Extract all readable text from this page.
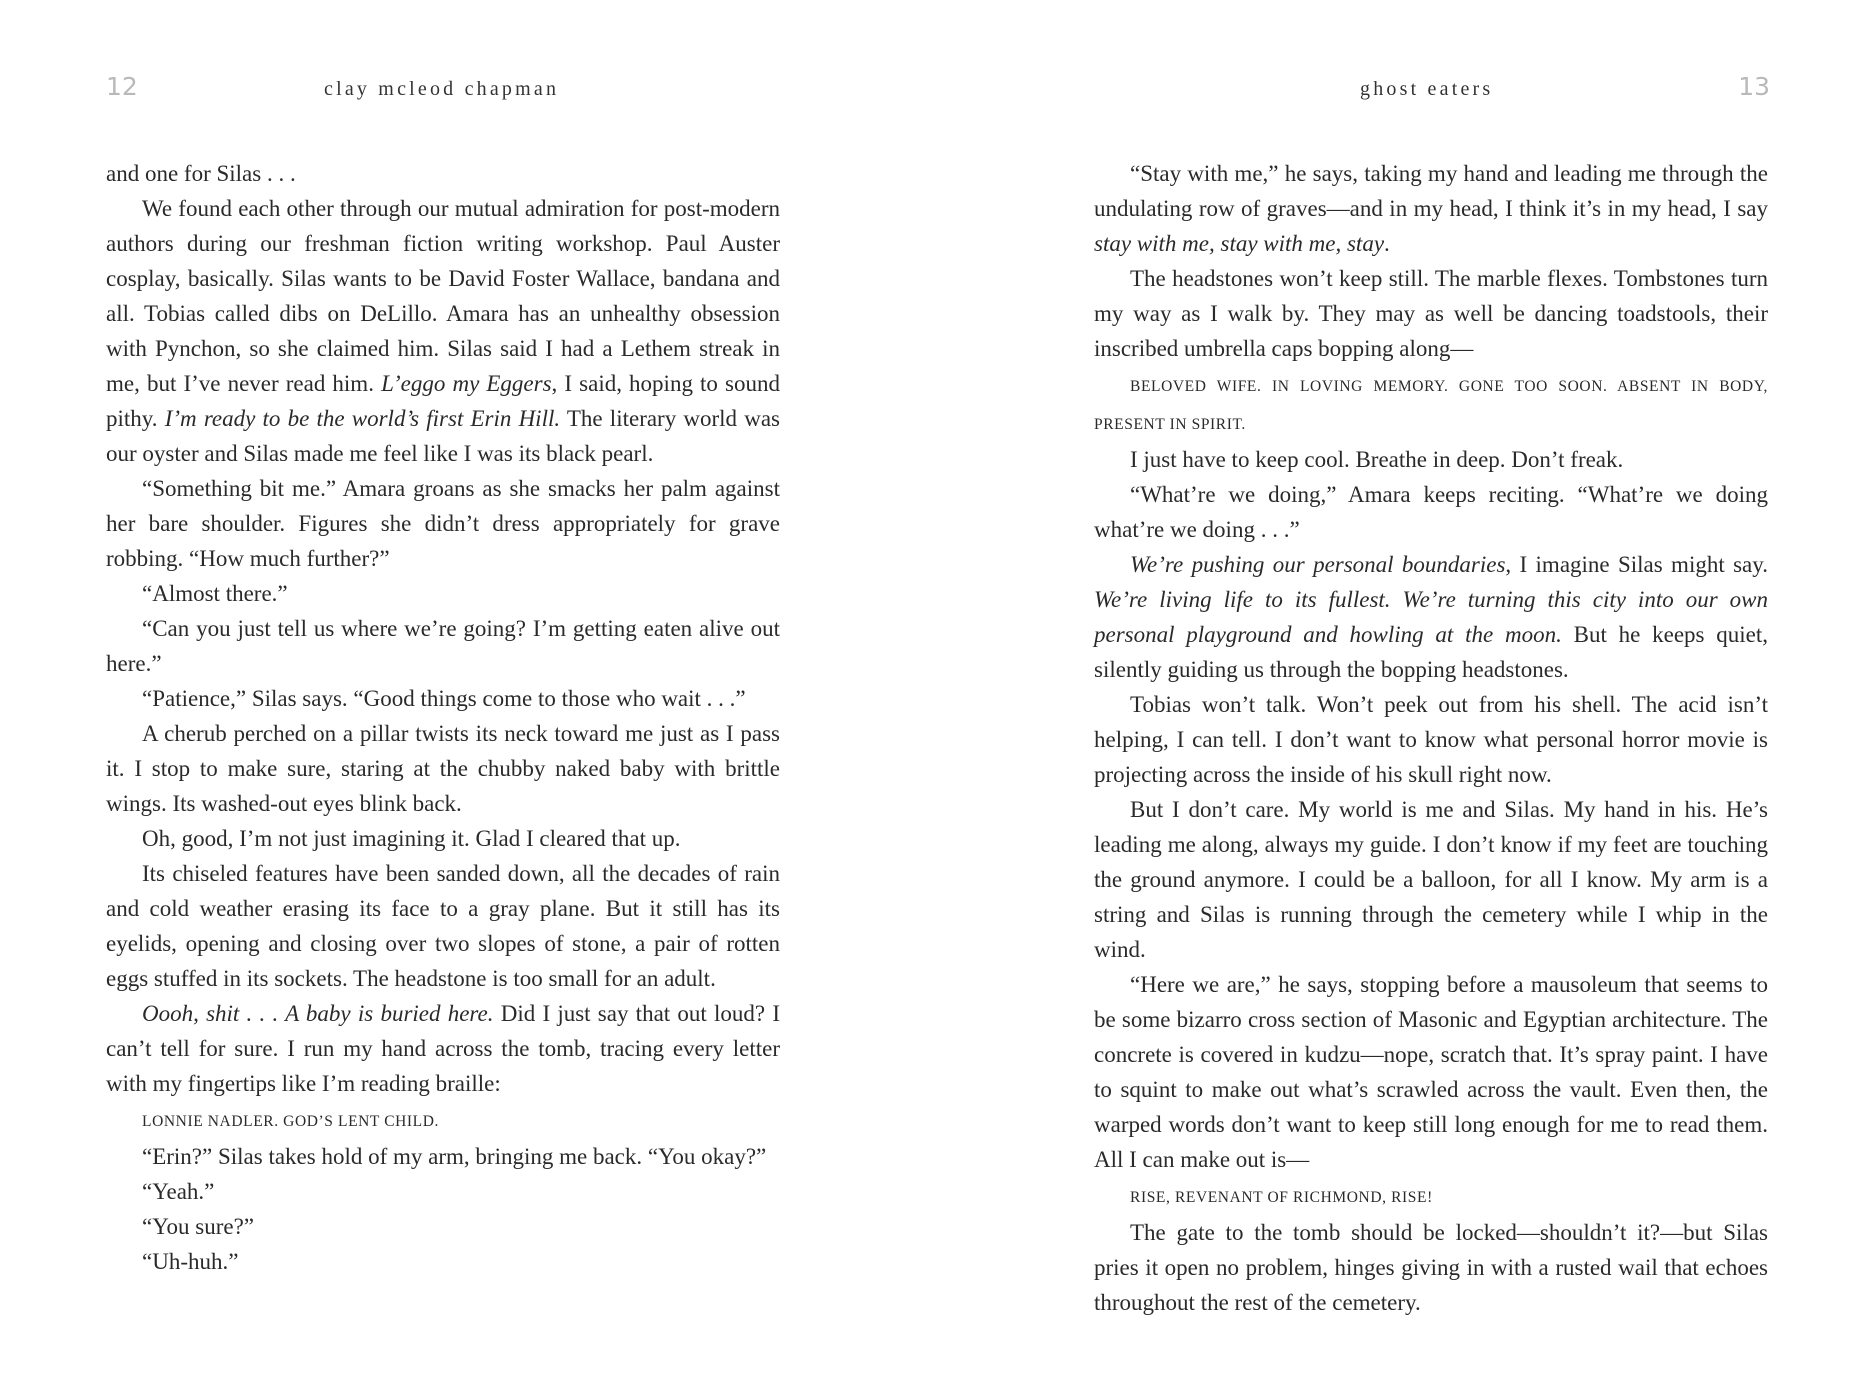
12	clay mcleod chapman

and one for Silas . . .

We found each other through our mutual admiration for post-modern authors during our freshman fiction writing workshop. Paul Auster cosplay, basically. Silas wants to be David Foster Wallace, bandana and all. Tobias called dibs on DeLillo. Amara has an unhealthy obsession with Pynchon, so she claimed him. Silas said I had a Lethem streak in me, but I’ve never read him. L’eggo my Eggers, I said, hoping to sound pithy. I’m ready to be the world’s first Erin Hill. The literary world was our oyster and Silas made me feel like I was its black pearl.

“Something bit me.” Amara groans as she smacks her palm against her bare shoulder. Figures she didn’t dress appropriately for grave robbing. “How much further?”

“Almost there.”

“Can you just tell us where we’re going? I’m getting eaten alive out here.”

“Patience,” Silas says. “Good things come to those who wait . . .”

A cherub perched on a pillar twists its neck toward me just as I pass it. I stop to make sure, staring at the chubby naked baby with brittle wings. Its washed-out eyes blink back.

Oh, good, I’m not just imagining it. Glad I cleared that up.

Its chiseled features have been sanded down, all the decades of rain and cold weather erasing its face to a gray plane. But it still has its eyelids, opening and closing over two slopes of stone, a pair of rotten eggs stuffed in its sockets. The headstone is too small for an adult.

Oooh, shit . . . A baby is buried here. Did I just say that out loud? I can’t tell for sure. I run my hand across the tomb, tracing every letter with my fingertips like I’m reading braille:

LONNIE NADLER. GOD’S LENT CHILD.

“Erin?” Silas takes hold of my arm, bringing me back. “You okay?”

“Yeah.”

“You sure?”

“Uh-huh.”

ghost eaters	13

“Stay with me,” he says, taking my hand and leading me through the undulating row of graves—and in my head, I think it’s in my head, I say stay with me, stay with me, stay.

The headstones won’t keep still. The marble flexes. Tombstones turn my way as I walk by. They may as well be dancing toadstools, their inscribed umbrella caps bopping along—

BELOVED WIFE. IN LOVING MEMORY. GONE TOO SOON. ABSENT IN BODY, PRESENT IN SPIRIT.

I just have to keep cool. Breathe in deep. Don’t freak.

“What’re we doing,” Amara keeps reciting. “What’re we doing what’re we doing . . .”

We’re pushing our personal boundaries, I imagine Silas might say. We’re living life to its fullest. We’re turning this city into our own personal playground and howling at the moon. But he keeps quiet, silently guiding us through the bopping headstones.

Tobias won’t talk. Won’t peek out from his shell. The acid isn’t helping, I can tell. I don’t want to know what personal horror movie is projecting across the inside of his skull right now.

But I don’t care. My world is me and Silas. My hand in his. He’s leading me along, always my guide. I don’t know if my feet are touching the ground anymore. I could be a balloon, for all I know. My arm is a string and Silas is running through the cemetery while I whip in the wind.

“Here we are,” he says, stopping before a mausoleum that seems to be some bizarro cross section of Masonic and Egyptian architecture. The concrete is covered in kudzu—nope, scratch that. It’s spray paint. I have to squint to make out what’s scrawled across the vault. Even then, the warped words don’t want to keep still long enough for me to read them. All I can make out is—

RISE, REVENANT OF RICHMOND, RISE!

The gate to the tomb should be locked—shouldn’t it?—but Silas pries it open no problem, hinges giving in with a rusted wail that echoes throughout the rest of the cemetery.
